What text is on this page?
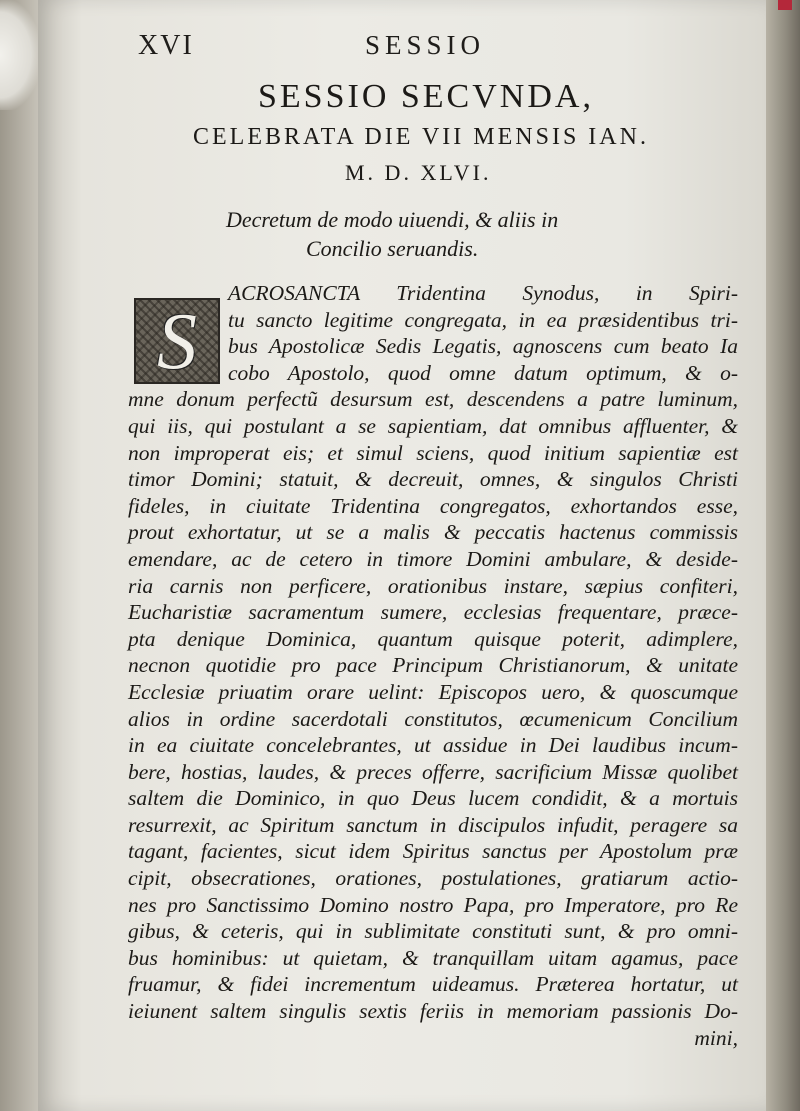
XVI	SESSIO
SESSIO SECVNDA,
CELEBRATA DIE VII MENSIS IAN.
M. D. XLVI.
Decretum de modo uiuendi, & aliis in
Concilio seruandis.
S
ACROSANCTA Tridentina Synodus, in Spiri-
tu sancto legitime congregata, in ea præsidentibus tri-
bus Apostolicæ Sedis Legatis, agnoscens cum beato Ia
cobo Apostolo, quod omne datum optimum, & o-
mne donum perfectũ desursum est, descendens a patre luminum,
qui iis, qui postulant a se sapientiam, dat omnibus affluenter, &
non improperat eis; et simul sciens, quod initium sapientiæ est
timor Domini; statuit, & decreuit, omnes, & singulos Christi
fideles, in ciuitate Tridentina congregatos, exhortandos esse,
prout exhortatur, ut se a malis & peccatis hactenus commissis
emendare, ac de cetero in timore Domini ambulare, & deside-
ria carnis non perficere, orationibus instare, sæpius confiteri,
Eucharistiæ sacramentum sumere, ecclesias frequentare, præce-
pta denique Dominica, quantum quisque poterit, adimplere,
necnon quotidie pro pace Principum Christianorum, & unitate
Ecclesiæ priuatim orare uelint: Episcopos uero, & quoscumque
alios in ordine sacerdotali constitutos, œcumenicum Concilium
in ea ciuitate concelebrantes, ut assidue in Dei laudibus incum-
bere, hostias, laudes, & preces offerre, sacrificium Missæ quolibet
saltem die Dominico, in quo Deus lucem condidit, & a mortuis
resurrexit, ac Spiritum sanctum in discipulos infudit, peragere sa
tagant, facientes, sicut idem Spiritus sanctus per Apostolum præ
cipit, obsecrationes, orationes, postulationes, gratiarum actio-
nes pro Sanctissimo Domino nostro Papa, pro Imperatore, pro Re
gibus, & ceteris, qui in sublimitate constituti sunt, & pro omni-
bus hominibus: ut quietam, & tranquillam uitam agamus, pace
fruamur, & fidei incrementum uideamus. Præterea hortatur, ut
ieiunent saltem singulis sextis feriis in memoriam passionis Do-
mini,
